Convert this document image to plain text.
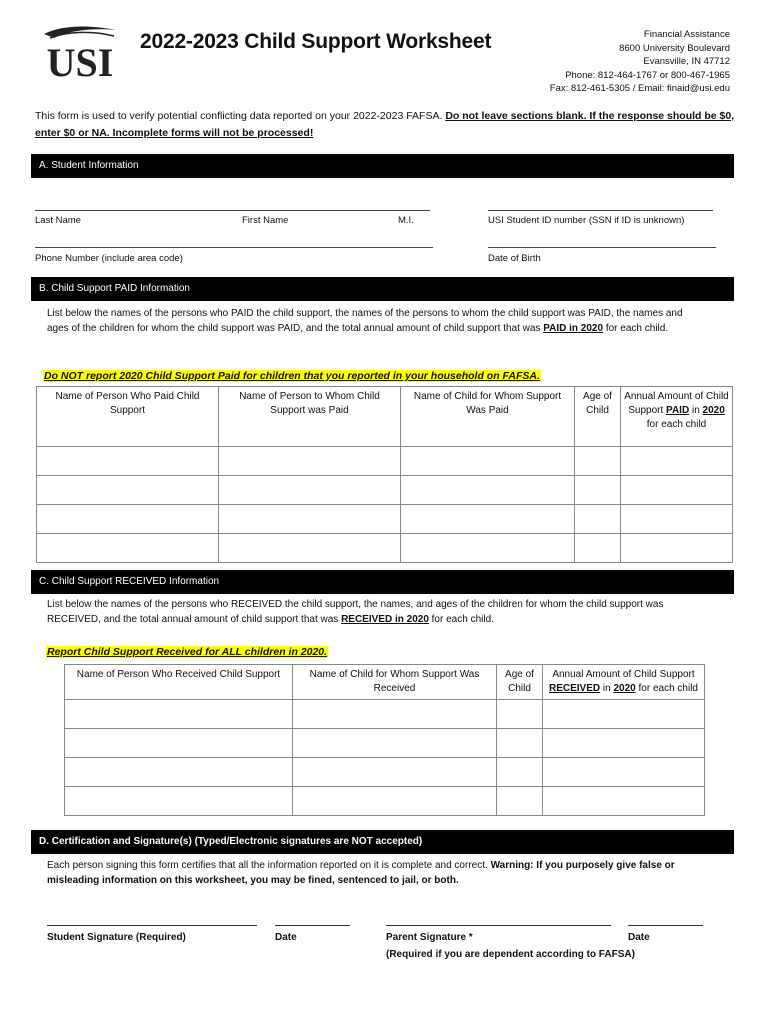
USI 2022-2023 Child Support Worksheet	Financial Assistance
8600 University Boulevard
Evansville, IN 47712
Phone: 812-464-1767 or 800-467-1965
Fax: 812-461-5305 / Email: finaid@usi.edu
This form is used to verify potential conflicting data reported on your 2022-2023 FAFSA. Do not leave sections blank. If the response should be $0, enter $0 or NA. Incomplete forms will not be processed!
A. Student Information
Last Name	First Name	M.I.	USI Student ID number (SSN if ID is unknown)
Phone Number (include area code)	Date of Birth
B. Child Support PAID Information
List below the names of the persons who PAID the child support, the names of the persons to whom the child support was PAID, the names and ages of the children for whom the child support was PAID, and the total annual amount of child support that was PAID in 2020 for each child.
Do NOT report 2020 Child Support Paid for children that you reported in your household on FAFSA.
Name of Person Who Paid Child Support	Name of Person to Whom Child Support was Paid	Name of Child for Whom Support Was Paid	Age of Child	Annual Amount of Child Support PAID in 2020 for each child

C. Child Support RECEIVED Information
List below the names of the persons who RECEIVED the child support, the names, and ages of the children for whom the child support was RECEIVED, and the total annual amount of child support that was RECEIVED in 2020 for each child.
Report Child Support Received for ALL children in 2020.
Name of Person Who Received Child Support	Name of Child for Whom Support Was Received	Age of Child	Annual Amount of Child Support RECEIVED in 2020 for each child

D. Certification and Signature(s) (Typed/Electronic signatures are NOT accepted)
Each person signing this form certifies that all the information reported on it is complete and correct. Warning: If you purposely give false or misleading information on this worksheet, you may be fined, sentenced to jail, or both.
Student Signature (Required)	Date	Parent Signature *	Date
(Required if you are dependent according to FAFSA)
